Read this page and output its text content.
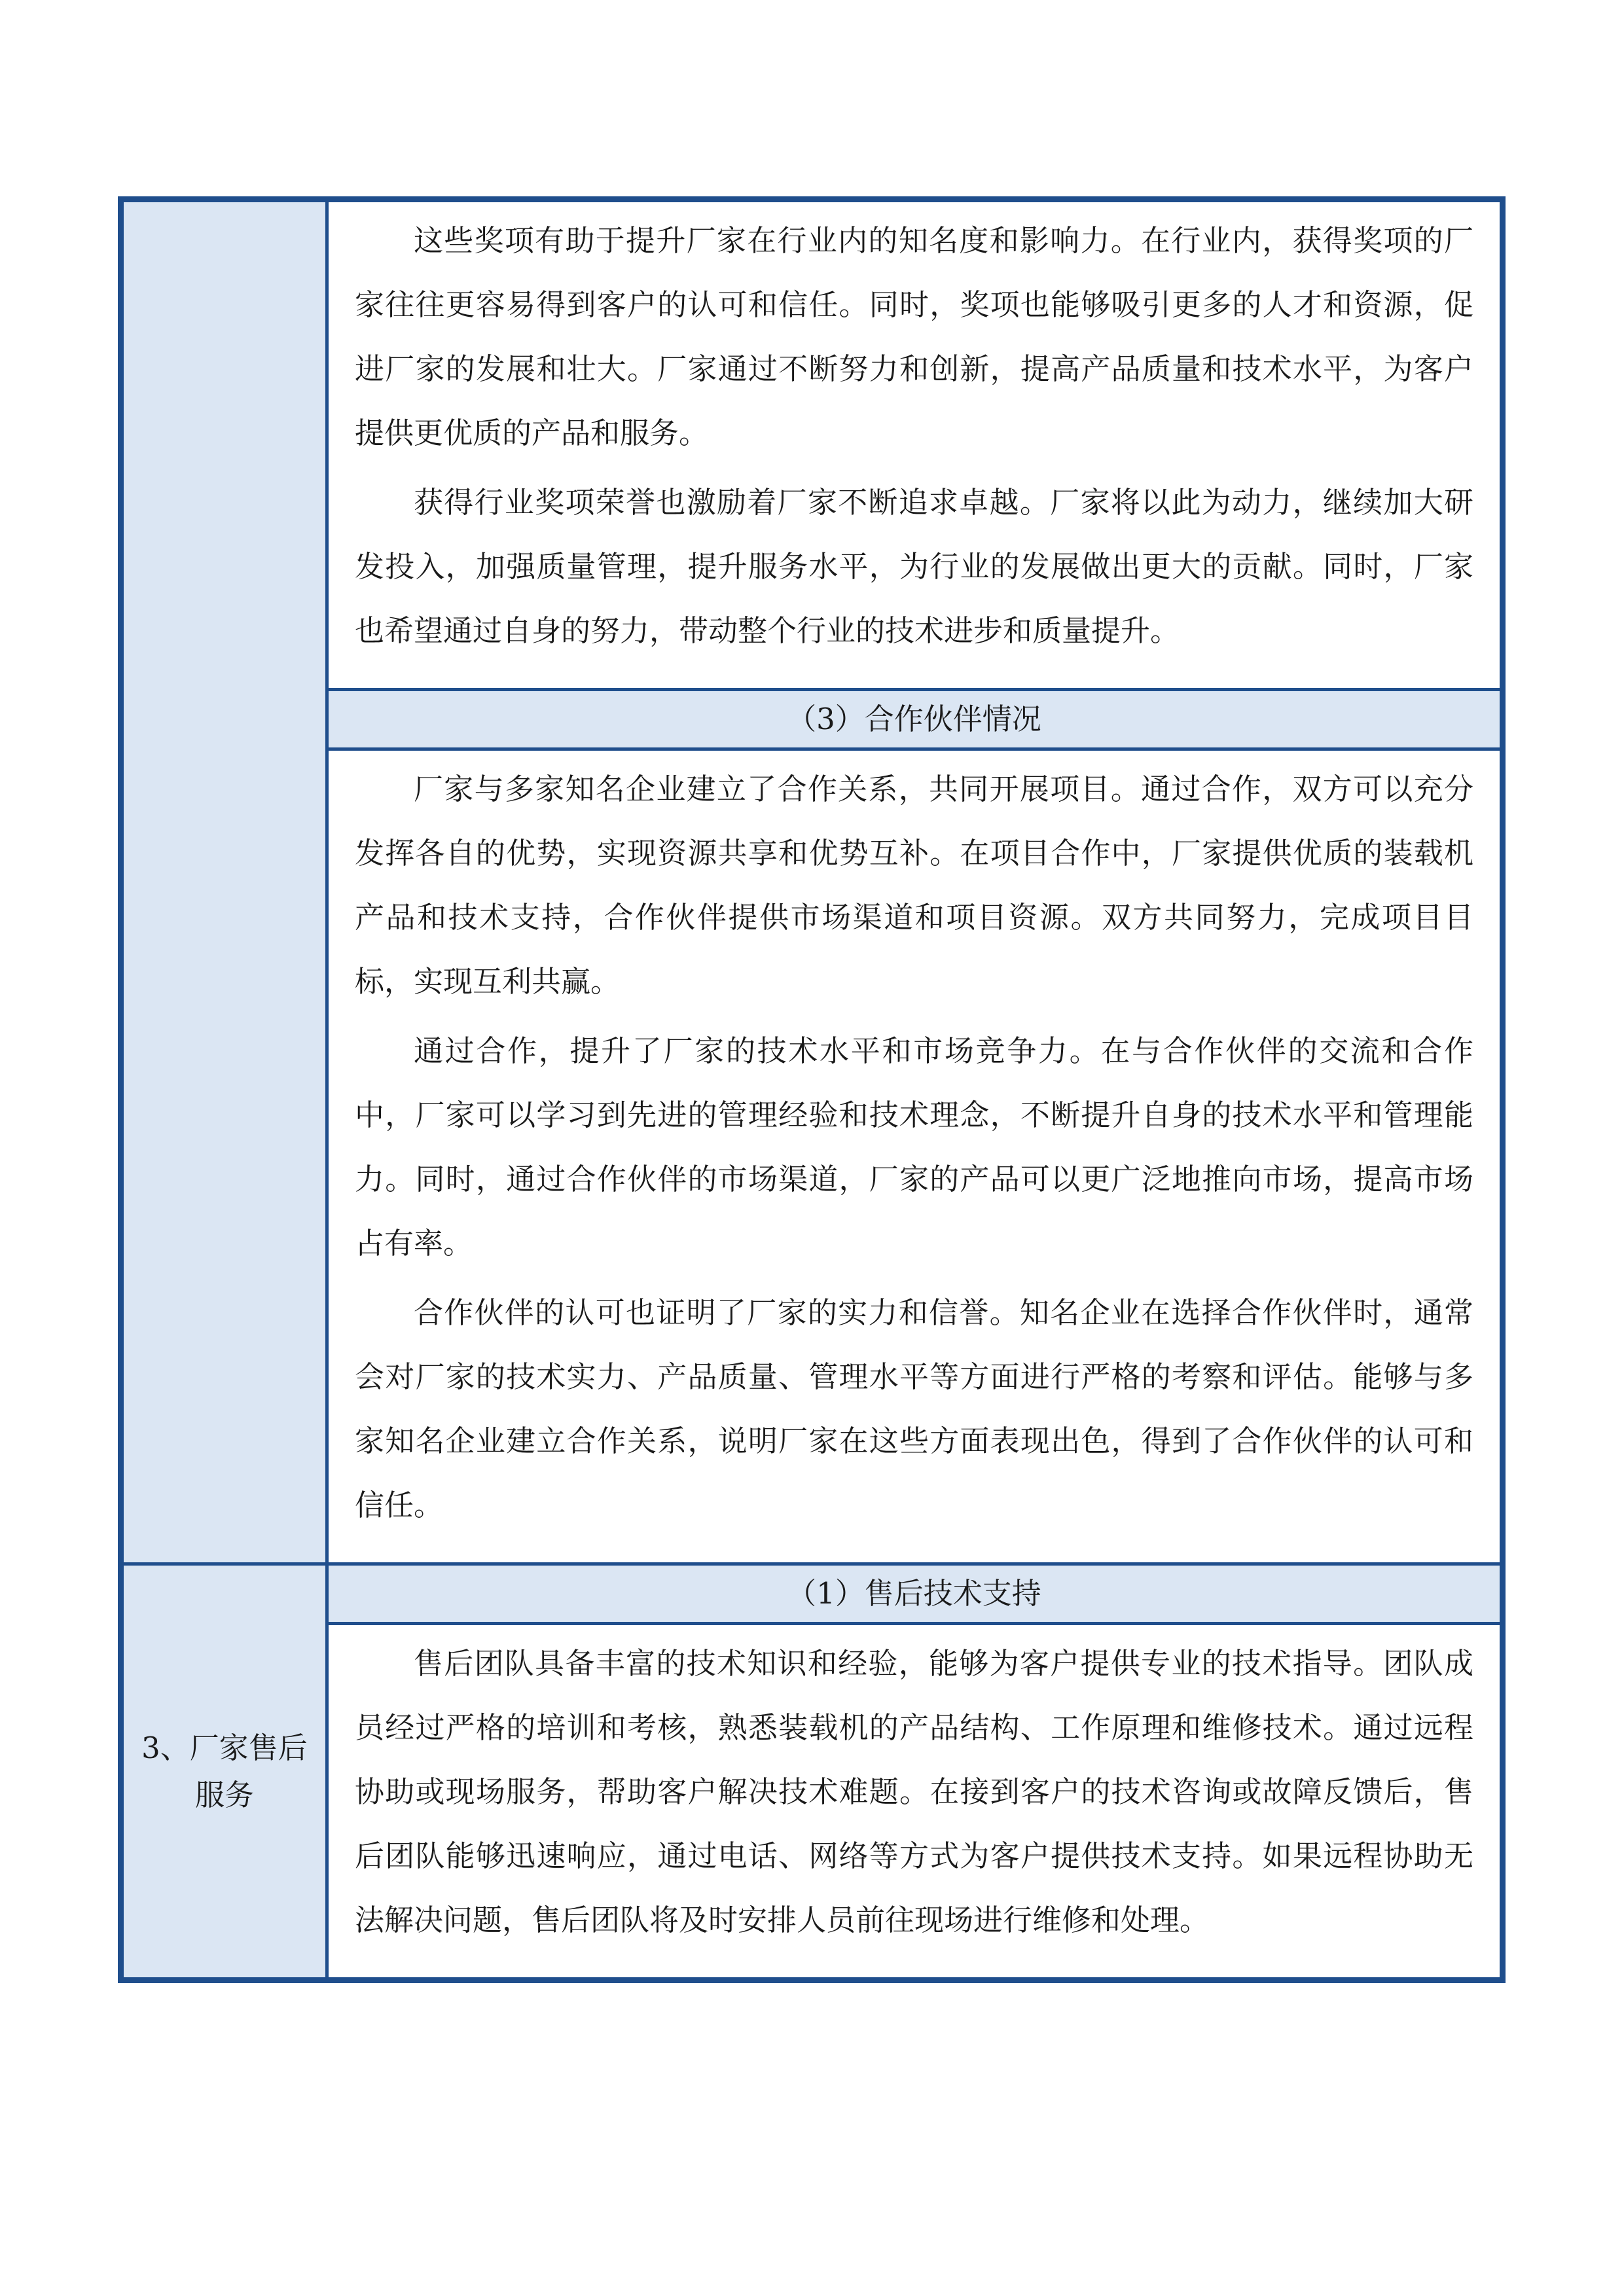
	这些奖项有助于提升厂家在行业内的知名度和影响力。在行业内，获得奖项的厂家往往更容易得到客户的认可和信任。同时，奖项也能够吸引更多的人才和资源，促进厂家的发展和壮大。厂家通过不断努力和创新，提高产品质量和技术水平，为客户提供更优质的产品和服务。

获得行业奖项荣誉也激励着厂家不断追求卓越。厂家将以此为动力，继续加大研发投入，加强质量管理，提升服务水平，为行业的发展做出更大的贡献。同时，厂家也希望通过自身的努力，带动整个行业的技术进步和质量提升。

	（3）合作伙伴情况

	厂家与多家知名企业建立了合作关系，共同开展项目。通过合作，双方可以充分发挥各自的优势，实现资源共享和优势互补。在项目合作中，厂家提供优质的装载机产品和技术支持，合作伙伴提供市场渠道和项目资源。双方共同努力，完成项目目标，实现互利共赢。

通过合作，提升了厂家的技术水平和市场竞争力。在与合作伙伴的交流和合作中，厂家可以学习到先进的管理经验和技术理念，不断提升自身的技术水平和管理能力。同时，通过合作伙伴的市场渠道，厂家的产品可以更广泛地推向市场，提高市场占有率。

合作伙伴的认可也证明了厂家的实力和信誉。知名企业在选择合作伙伴时，通常会对厂家的技术实力、产品质量、管理水平等方面进行严格的考察和评估。能够与多家知名企业建立合作关系，说明厂家在这些方面表现出色，得到了合作伙伴的认可和信任。

3、厂家售后服务	（1）售后技术支持

	售后团队具备丰富的技术知识和经验，能够为客户提供专业的技术指导。团队成员经过严格的培训和考核，熟悉装载机的产品结构、工作原理和维修技术。通过远程协助或现场服务，帮助客户解决技术难题。在接到客户的技术咨询或故障反馈后，售后团队能够迅速响应，通过电话、网络等方式为客户提供技术支持。如果远程协助无法解决问题，售后团队将及时安排人员前往现场进行维修和处理。
